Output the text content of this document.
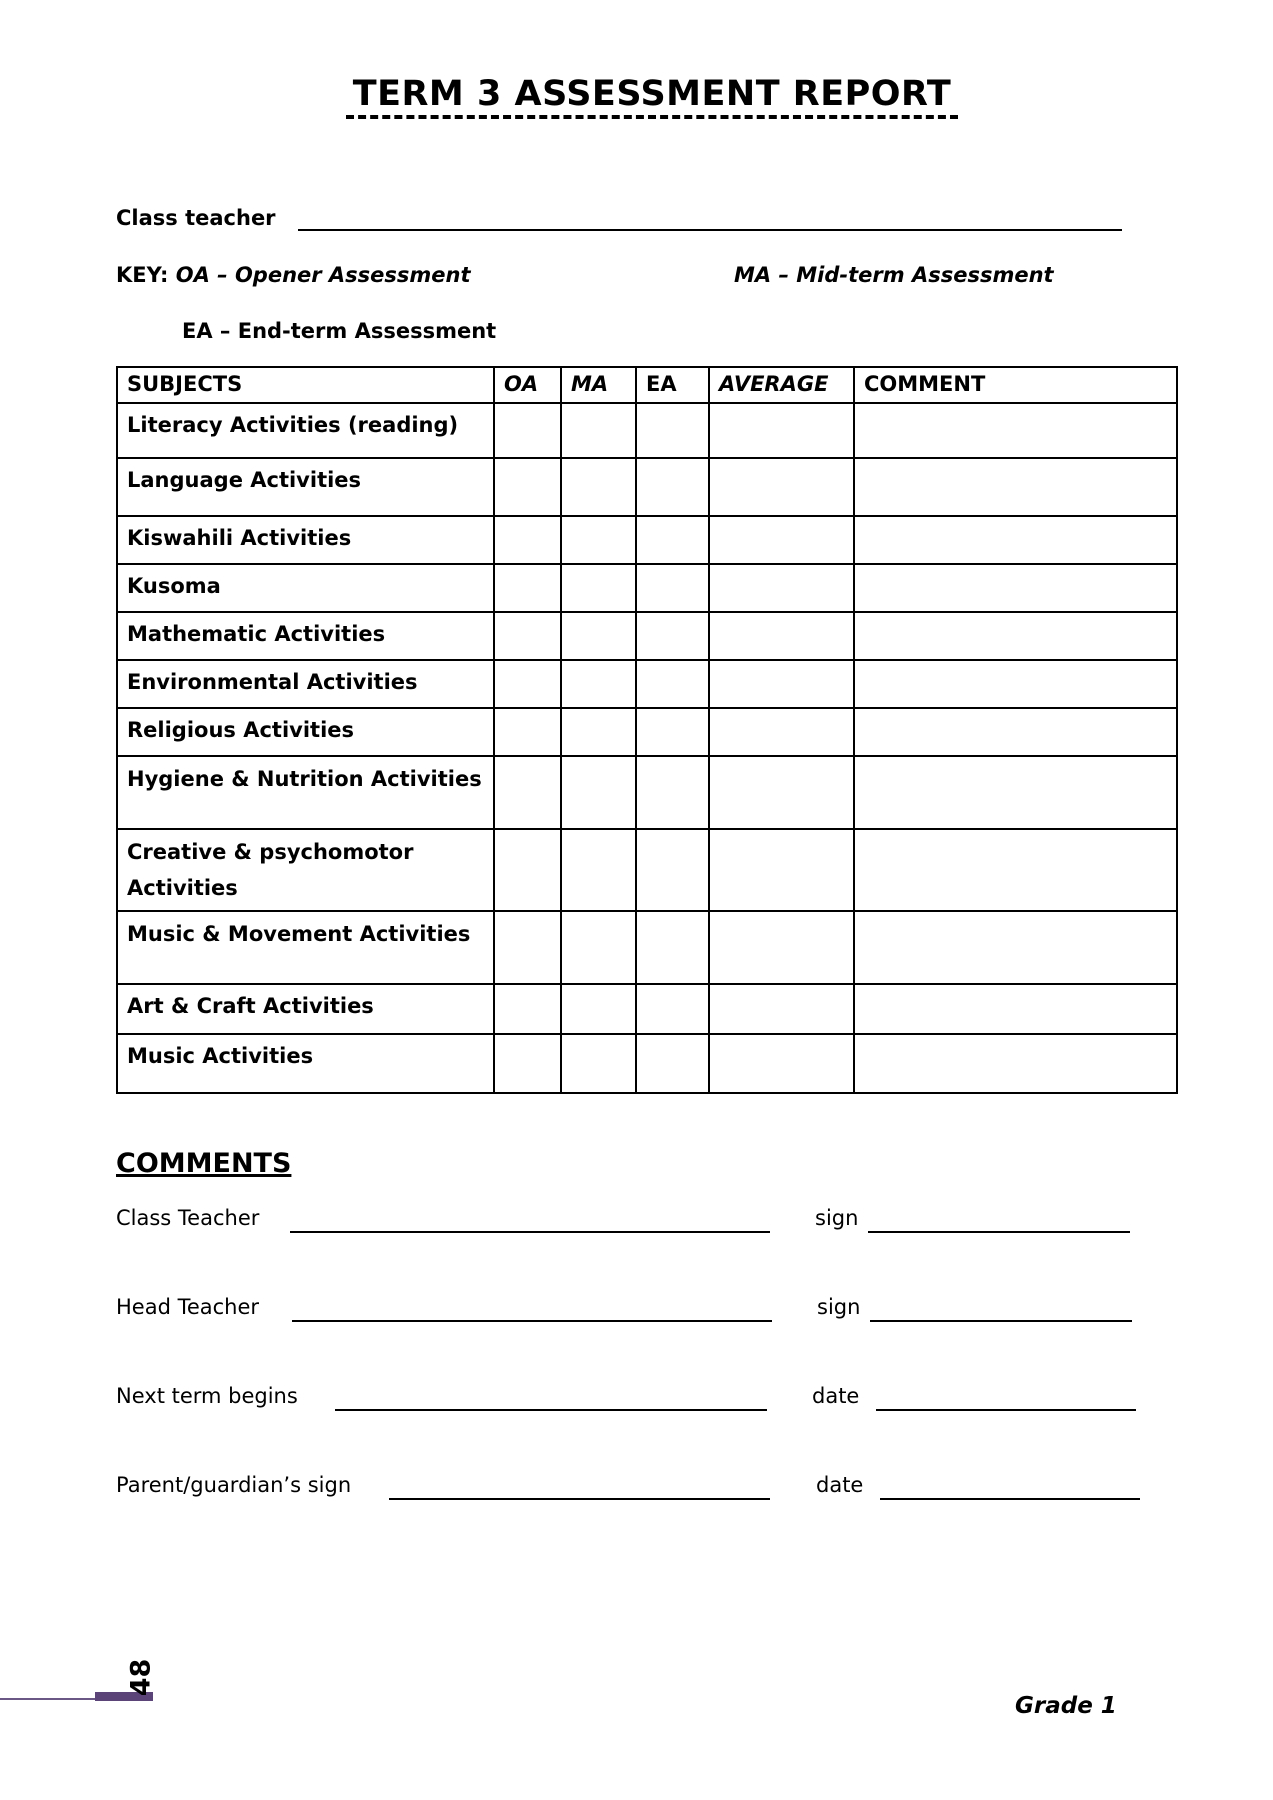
TERM 3 ASSESSMENT REPORT
Class teacher
KEY: OA – Opener Assessment	MA – Mid-term Assessment
EA – End-term Assessment
SUBJECTS	OA	MA	EA	AVERAGE	COMMENT
Literacy Activities (reading)					
Language Activities					
Kiswahili Activities					
Kusoma					
Mathematic Activities					
Environmental Activities					
Religious Activities					
Hygiene & Nutrition Activities					
Creative & psychomotor Activities					
Music & Movement Activities					
Art & Craft Activities					
Music Activities					
COMMENTS
Class Teacher	sign
Head Teacher	sign
Next term begins	date
Parent/guardian’s sign	date
48
Grade 1
